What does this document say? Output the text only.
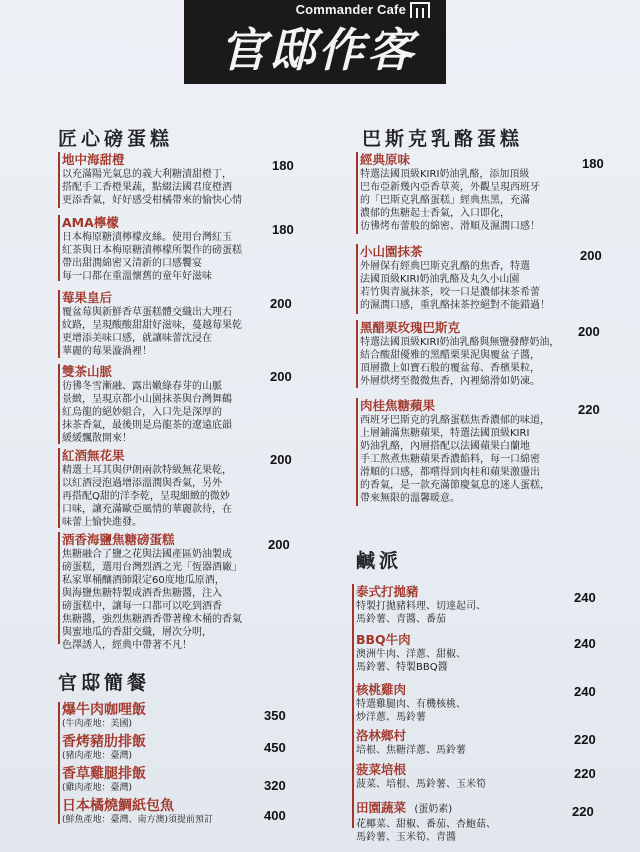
Commander Cafe
官邸作客
匠心磅蛋糕	巴斯克乳酪蛋糕
官邸簡餐
鹹派
地中海甜橙
以充滿陽光氣息的義大利糖漬甜橙丁，
搭配手工香橙果蔬，點綴法國君度橙酒
更添香氣，好好感受柑橘帶來的愉快心情
180
AMA檸檬
日本梅原糖漬檸檬皮絲。使用台灣紅玉
紅茶與日本梅原糖漬檸檬所製作的磅蛋糕
帶出甜潤綿密又清新的口感饗宴
每一口都在重溫懷舊的童年好滋味
180
莓果皇后
覆盆莓與新鮮香草蛋糕體交織出大理石
紋路，呈現酸酸甜甜好滋味，蔓越莓果乾
更增添美味口感，就讓味蕾沈浸在
華麗的莓果漩渦裡！
200
雙茶山脈
彷彿冬雪漸融、露出嫩綠春芽的山脈
景緻，呈現京都小山園抹茶與台灣舞鶴
紅烏龍的絕妙組合，入口先是深厚的
抹茶香氣，最後則是烏龍茶的遼遠底韻
緩緩飄散開來！
200
紅酒無花果
精選土耳其與伊朗兩款特級無花果乾，
以紅酒浸泡過增添溫潤與香氣，另外
再搭配Q甜的洋李乾，呈現細緻的微妙
口味，讓充滿歐亞風情的華麗款待，在
味蕾上愉快進發。
200
酒香海鹽焦糖磅蛋糕
焦糖融合了鹽之花與法國產區奶油製成
磅蛋糕，選用台灣烈酒之光「恆器酒廠」
私家單桶釀酒師限定60度地瓜原酒，
與海鹽焦糖特製成酒香焦糖醬，注入
磅蛋糕中，讓每一口都可以吃到酒香
焦糖醬，強烈焦糖酒香帶著橡木桶的香氣
與蜜地瓜的香甜交織，層次分明，
色澤誘人，經典中帶著不凡！
200
爆牛肉咖哩飯
(牛肉產地：美國)
350
香烤豬肋排飯
(豬肉產地：臺灣)
450
香草雞腿排飯
(雞肉產地：臺灣)	320
日本橘燒鯛紙包魚
(鮮魚產地：臺灣、南方澳)須提前預訂	400
經典原味
特選法國頂級KIRI奶油乳酪，添加頂級
巴布亞新幾內亞香草莢，外觀呈現西班牙
的「巴斯克乳酪蛋糕」經典焦黑，充滿
濃郁的焦糖起士香氣，入口即化，
彷彿烤布蕾般的綿密、滑順及濕潤口感！
180
小山園抹茶
外層保有經典巴斯克乳酪的焦香，特選
法國頂級KIRI奶油乳酪及丸久小山園
若竹與青嵐抹茶，咬一口是濃郁抹茶希蕾
的濕潤口感，重乳酪抹茶控絕對不能錯過！
200
黑醋栗玫瑰巴斯克
特選法國頂級KIRI奶油乳酪與無鹽發酵奶油，
結合酸甜優雅的黑醋栗果泥與覆盆子醬，
頂層撒上如寶石般的覆盆莓、香檳果粒，
外層烘烤至微微焦香，內裡綿滑如奶凍。
200
肉桂焦糖蘋果
西班牙巴斯克的乳酪蛋糕焦香濃郁的味道，
上層鋪滿焦糖蘋果，特選法國頂級KIRI
奶油乳酪，內層搭配以法國蘋果白蘭地
手工熬煮焦糖蘋果香濃餡料，每一口綿密
滑順的口感，都嚐得到肉桂和蘋果激盪出
的香氣，是一款充滿節慶氣息的迷人蛋糕，
帶來無限的溫馨暖意。
220
泰式打拋豬
特製打拋豬料理、切達起司、
馬鈴薯、青醬、番茄
240
BBQ牛肉
澳洲牛肉、洋蔥、甜椒、
馬鈴薯、特製BBQ醬
240
核桃雞肉
特選雞腿肉、有機核桃、
炒洋蔥、馬鈴薯
240
洛林鄉村
培根、焦糖洋蔥、馬鈴薯
220
菠菜培根
菠菜、培根、馬鈴薯、玉米筍
220
田園蔬菜 (蛋奶素)
花椰菜、甜椒、番茄、杏鮑菇、
馬鈴薯、玉米筍、青醬
220
